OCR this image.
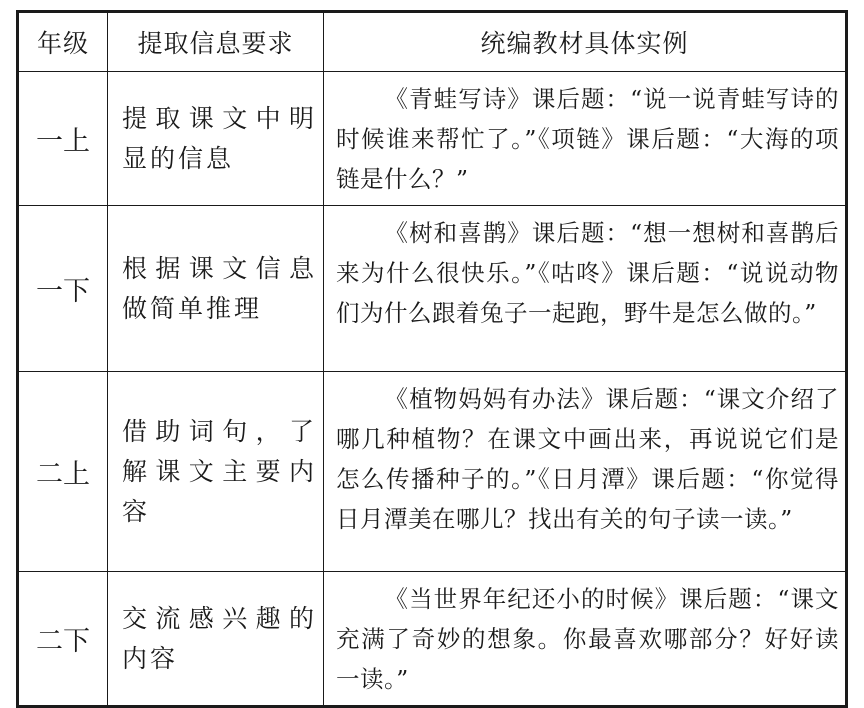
年级	提取信息要求	统编教材具体实例
一上	提取课文中明显的信息	《青蛙写诗》课后题：“说一说青蛙写诗的时候谁来帮忙了。”《项链》课后题：“大海的项链是什么？”
一下	根据课文信息做简单推理	《树和喜鹊》课后题：“想一想树和喜鹊后来为什么很快乐。”《咕咚》课后题：“说说动物们为什么跟着兔子一起跑，野牛是怎么做的。”
二上	借助词句，了解课文主要内容	《植物妈妈有办法》课后题：“课文介绍了哪几种植物？在课文中画出来，再说说它们是怎么传播种子的。”《日月潭》课后题：“你觉得日月潭美在哪儿？找出有关的句子读一读。”
二下	交流感兴趣的内容	《当世界年纪还小的时候》课后题：“课文充满了奇妙的想象。你最喜欢哪部分？好好读一读。”
